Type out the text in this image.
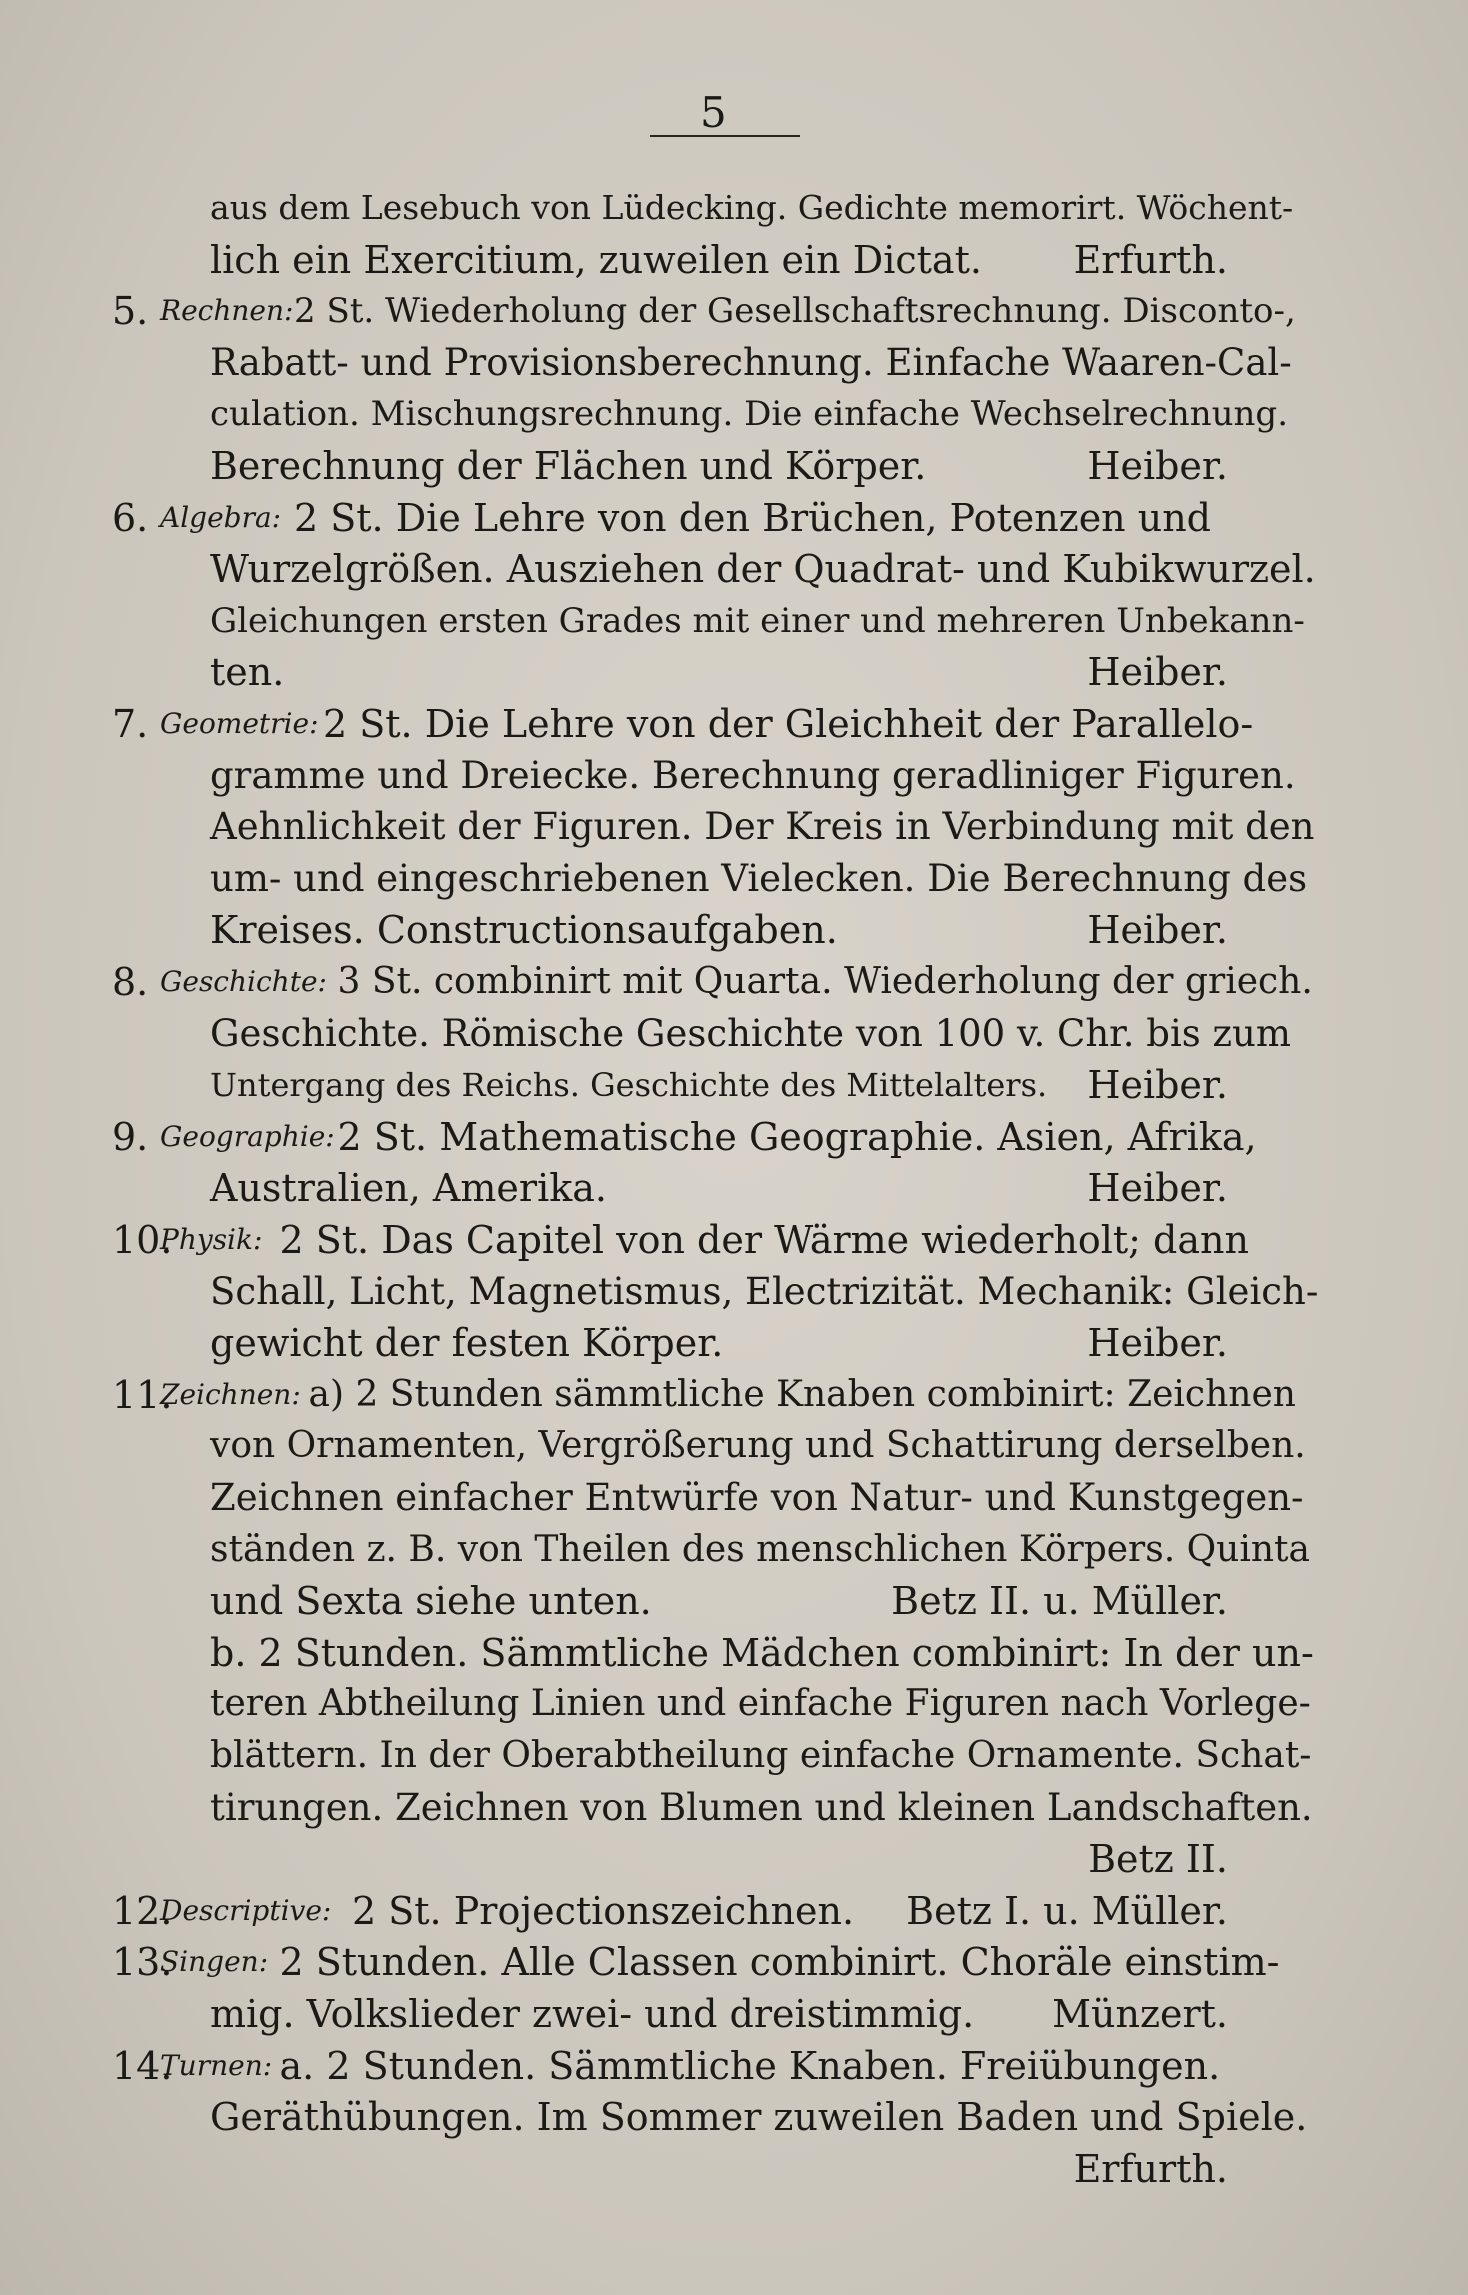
5
aus dem Lesebuch von Lüdecking. Gedichte memorirt. Wöchent-
lich ein Exercitium, zuweilen ein Dictat. Erfurth.
5. Rechnen: 2 St. Wiederholung der Gesellschaftsrechnung. Disconto-,
Rabatt- und Provisionsberechnung. Einfache Waaren-Cal-
culation. Mischungsrechnung. Die einfache Wechselrechnung.
Berechnung der Flächen und Körper.	Heiber.
6. Algebra: 2 St. Die Lehre von den Brüchen, Potenzen und
Wurzelgrößen. Ausziehen der Quadrat- und Kubikwurzel.
Gleichungen ersten Grades mit einer und mehreren Unbekann-
ten.	Heiber.
7. Geometrie: 2 St. Die Lehre von der Gleichheit der Parallelo-
gramme und Dreiecke. Berechnung geradliniger Figuren.
Aehnlichkeit der Figuren. Der Kreis in Verbindung mit den
um- und eingeschriebenen Vielecken. Die Berechnung des
Kreises. Constructionsaufgaben.	Heiber.
8. Geschichte: 3 St. combinirt mit Quarta. Wiederholung der griech.
Geschichte. Römische Geschichte von 100 v. Chr. bis zum
Untergang des Reichs. Geschichte des Mittelalters. Heiber.
9. Geographie: 2 St. Mathematische Geographie. Asien, Afrika,
Australien, Amerika.	Heiber.
10.
Physik: 2 St. Das Capitel von der Wärme wiederholt; dann
Schall, Licht, Magnetismus, Electrizität. Mechanik: Gleich-
gewicht der festen Körper.	Heiber.
11.
Zeichnen: a) 2 Stunden sämmtliche Knaben combinirt: Zeichnen
von Ornamenten, Vergrößerung und Schattirung derselben.
Zeichnen einfacher Entwürfe von Natur- und Kunstgegen-
ständen z. B. von Theilen des menschlichen Körpers. Quinta
und Sexta siehe unten.	Betz II. u. Müller.
b. 2 Stunden. Sämmtliche Mädchen combinirt: In der un-
teren Abtheilung Linien und einfache Figuren nach Vorlege-
blättern. In der Oberabtheilung einfache Ornamente. Schat-
tirungen. Zeichnen von Blumen und kleinen Landschaften.
Betz II.
12.
Descriptive: 2 St. Projectionszeichnen. Betz I. u. Müller.
13.
Singen: 2 Stunden. Alle Classen combinirt. Choräle einstim-
mig. Volkslieder zwei- und dreistimmig. Münzert.
14.
Turnen: a. 2 Stunden. Sämmtliche Knaben. Freiübungen.
Geräthübungen. Im Sommer zuweilen Baden und Spiele.
Erfurth.
